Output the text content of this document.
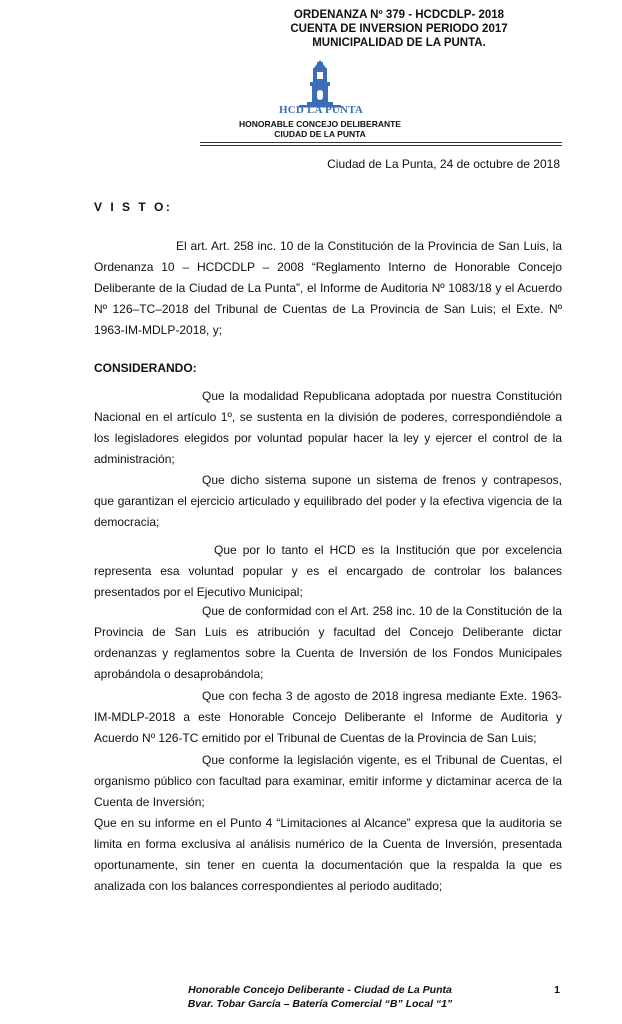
ORDENANZA Nº 379 - HCDCDLP- 2018
CUENTA DE INVERSION PERIODO 2017
MUNICIPALIDAD DE LA PUNTA.
HCD LA PUNTA
HONORABLE CONCEJO DELIBERANTE
CIUDAD DE LA PUNTA
Ciudad de La Punta, 24 de octubre de 2018
V I S T O:
El art. Art. 258 inc. 10 de la Constitución de la Provincia de San Luis, la Ordenanza 10 – HCDCDLP – 2008 “Reglamento Interno de Honorable Concejo Deliberante de la Ciudad de La Punta”, el Informe de Auditoria Nº 1083/18 y el Acuerdo Nº 126–TC–2018 del Tribunal de Cuentas de La Provincia de San Luis; el Exte. Nº 1963-IM-MDLP-2018, y;
CONSIDERANDO:
Que la modalidad Republicana adoptada por nuestra Constitución Nacional en el artículo 1º, se sustenta en la división de poderes, correspondiéndole a los legisladores elegidos por voluntad popular hacer la ley y ejercer el control de la administración;
Que dicho sistema supone un sistema de frenos y contrapesos, que garantizan el ejercicio articulado y equilibrado del poder y la efectiva vigencia de la democracia;
Que por lo tanto el HCD es la Institución que por excelencia representa esa voluntad popular y es el encargado de controlar los balances presentados por el Ejecutivo Municipal;
Que de conformidad con el Art. 258 inc. 10 de la Constitución de la Provincia de San Luis es atribución y facultad del Concejo Deliberante dictar ordenanzas y reglamentos sobre la Cuenta de Inversión de los Fondos Municipales aprobándola o desaprobándola;
Que con fecha 3 de agosto de 2018 ingresa mediante Exte. 1963-IM-MDLP-2018 a este Honorable Concejo Deliberante el Informe de Auditoria y Acuerdo Nº 126-TC emitido por el Tribunal de Cuentas de la Provincia de San Luis;
Que conforme la legislación vigente, es el Tribunal de Cuentas, el organismo público con facultad para examinar, emitir informe y dictaminar acerca de la Cuenta de Inversión;
Que en su informe en el Punto 4 “Limitaciones al Alcance” expresa que la auditoria se limita en forma exclusiva al análisis numérico de la Cuenta de Inversión, presentada oportunamente, sin tener en cuenta la documentación que la respalda la que es analizada con los balances correspondientes al periodo auditado;
Honorable Concejo Deliberante - Ciudad de La Punta
Bvar. Tobar García – Batería Comercial “B” Local “1”
1
